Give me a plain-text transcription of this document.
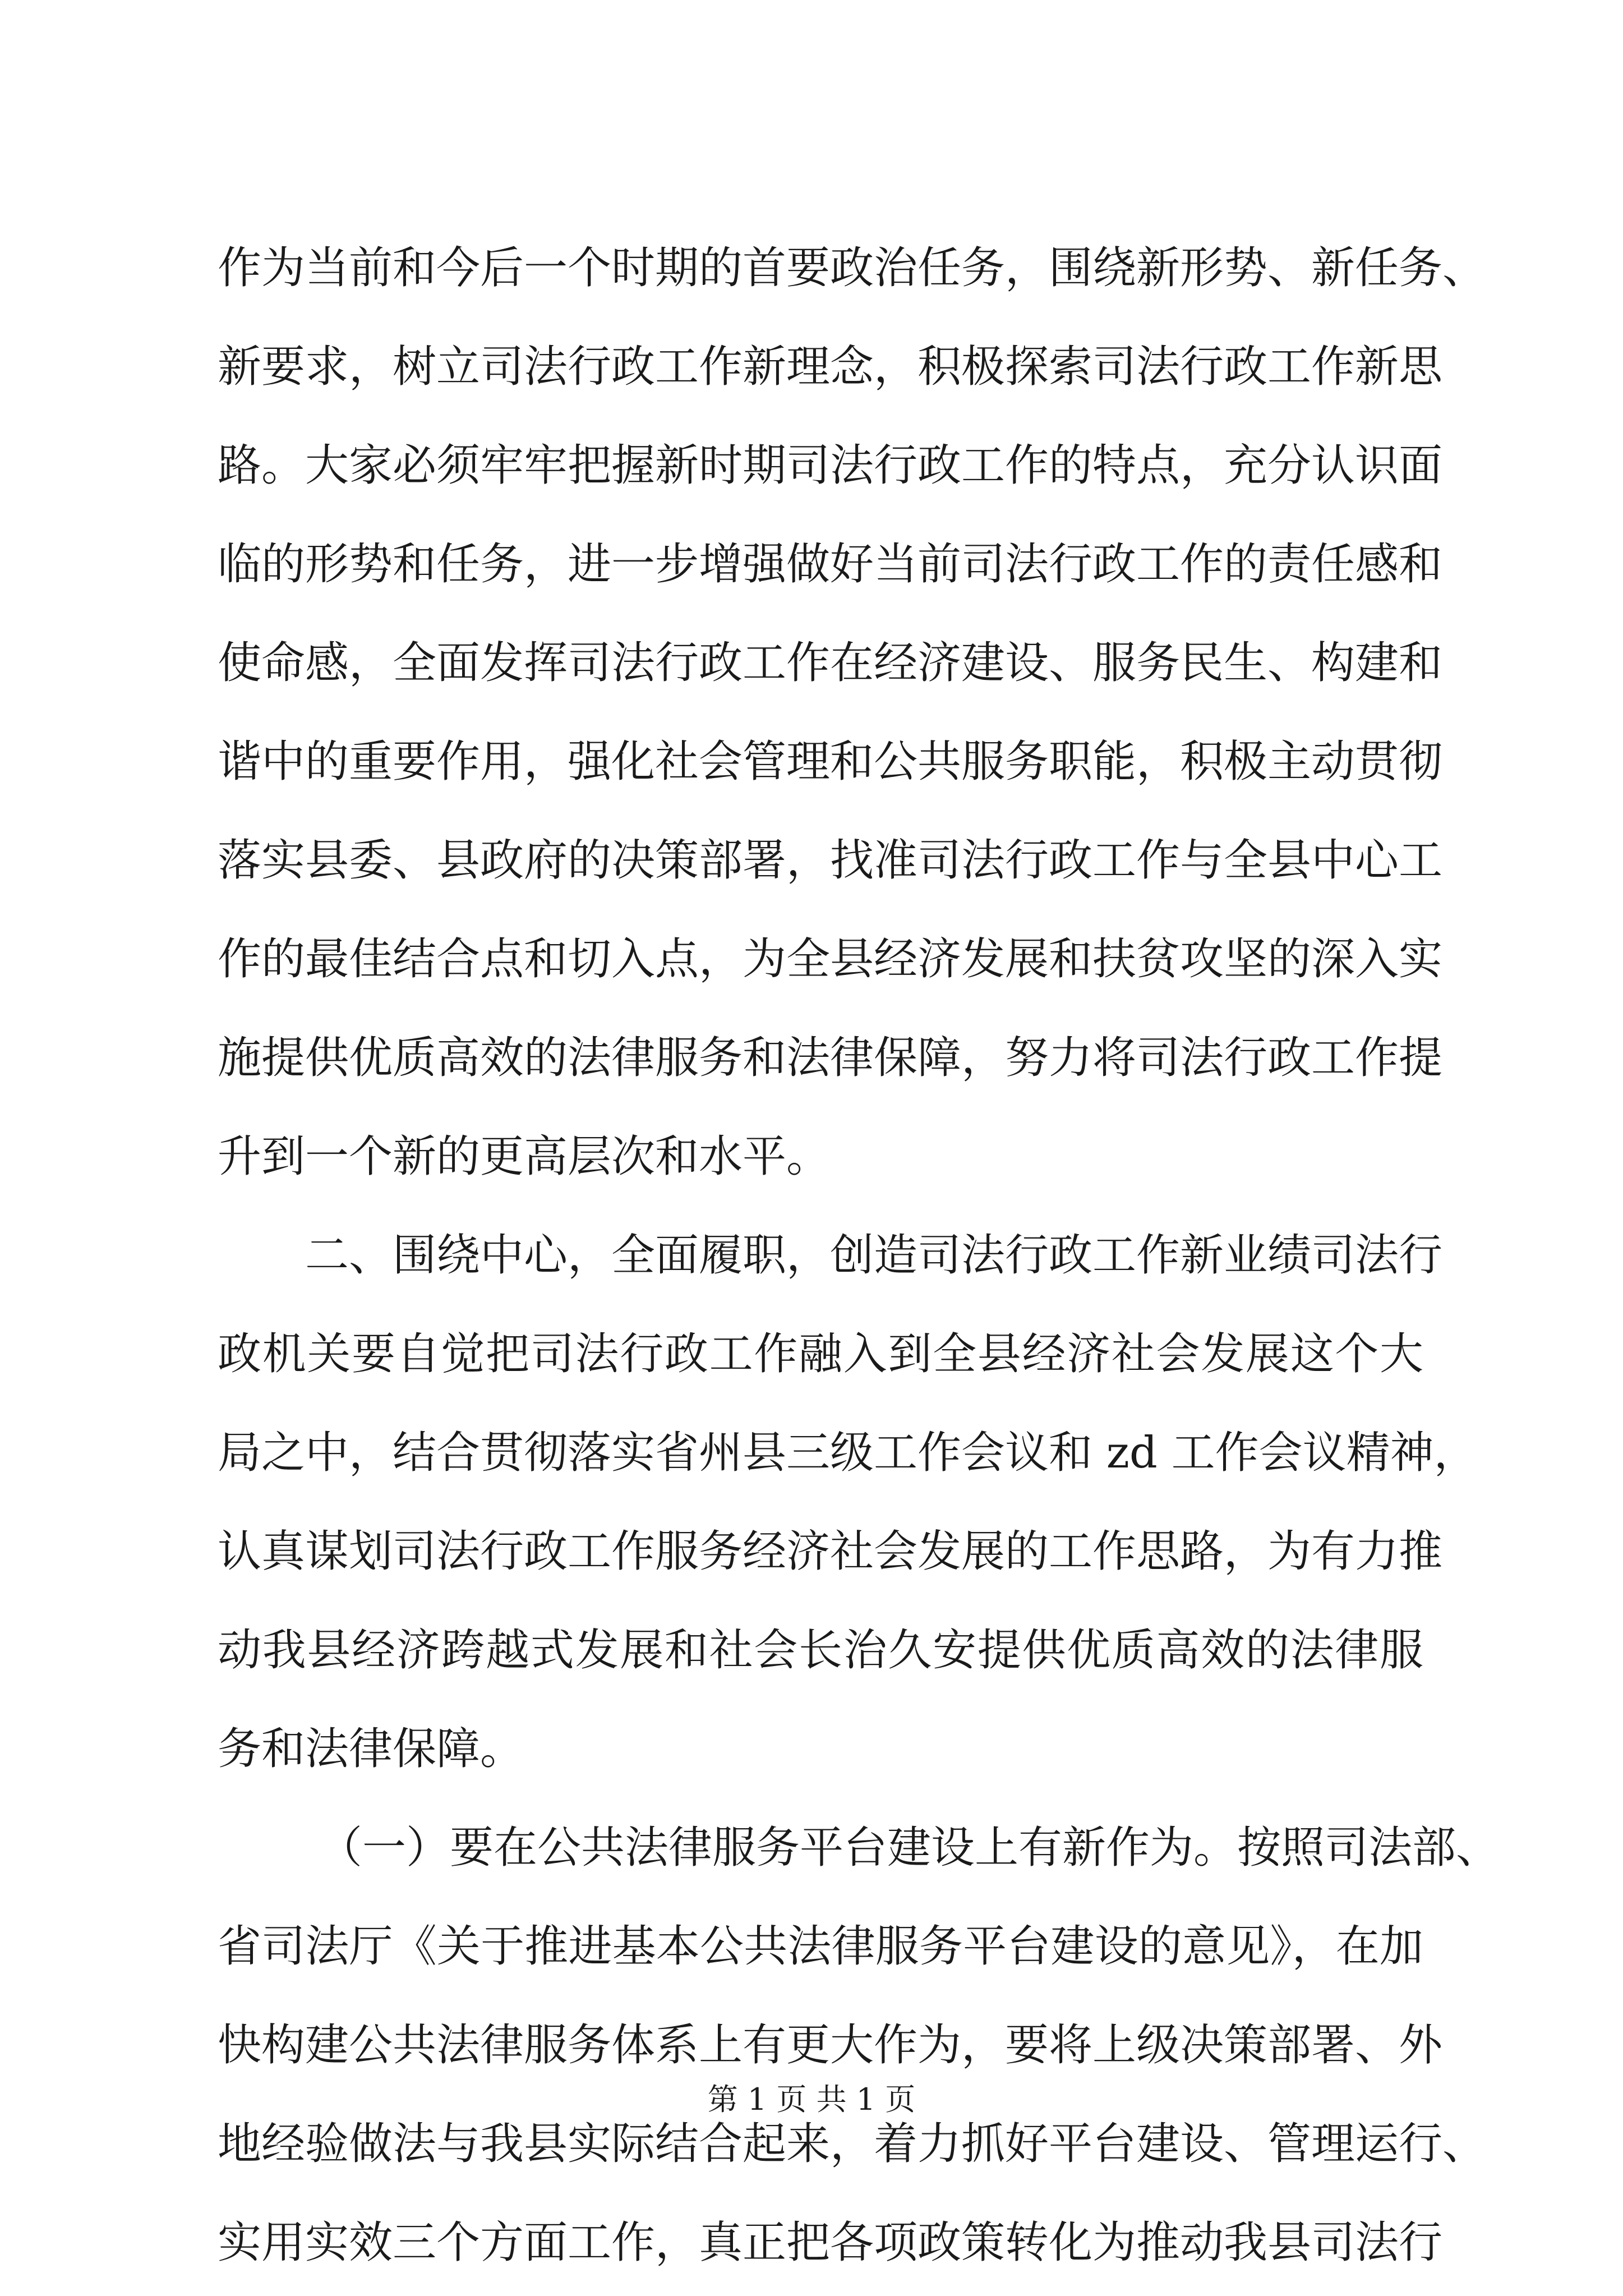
作为当前和今后一个时期的首要政治任务，围绕新形势、新任务、
新要求，树立司法行政工作新理念，积极探索司法行政工作新思
路。大家必须牢牢把握新时期司法行政工作的特点，充分认识面
临的形势和任务，进一步增强做好当前司法行政工作的责任感和
使命感，全面发挥司法行政工作在经济建设、服务民生、构建和
谐中的重要作用，强化社会管理和公共服务职能，积极主动贯彻
落实县委、县政府的决策部署，找准司法行政工作与全县中心工
作的最佳结合点和切入点，为全县经济发展和扶贫攻坚的深入实
施提供优质高效的法律服务和法律保障，努力将司法行政工作提
升到一个新的更高层次和水平。
二、围绕中心，全面履职，创造司法行政工作新业绩司法行
政机关要自觉把司法行政工作融入到全县经济社会发展这个大
局之中，结合贯彻落实省州县三级工作会议和 zd 工作会议精神，
认真谋划司法行政工作服务经济社会发展的工作思路，为有力推
动我县经济跨越式发展和社会长治久安提供优质高效的法律服
务和法律保障。
（一）要在公共法律服务平台建设上有新作为。按照司法部、
省司法厅《关于推进基本公共法律服务平台建设的意见》，在加
快构建公共法律服务体系上有更大作为，要将上级决策部署、外
地经验做法与我县实际结合起来，着力抓好平台建设、管理运行、
实用实效三个方面工作，真正把各项政策转化为推动我县司法行
第 1 页 共 1 页
